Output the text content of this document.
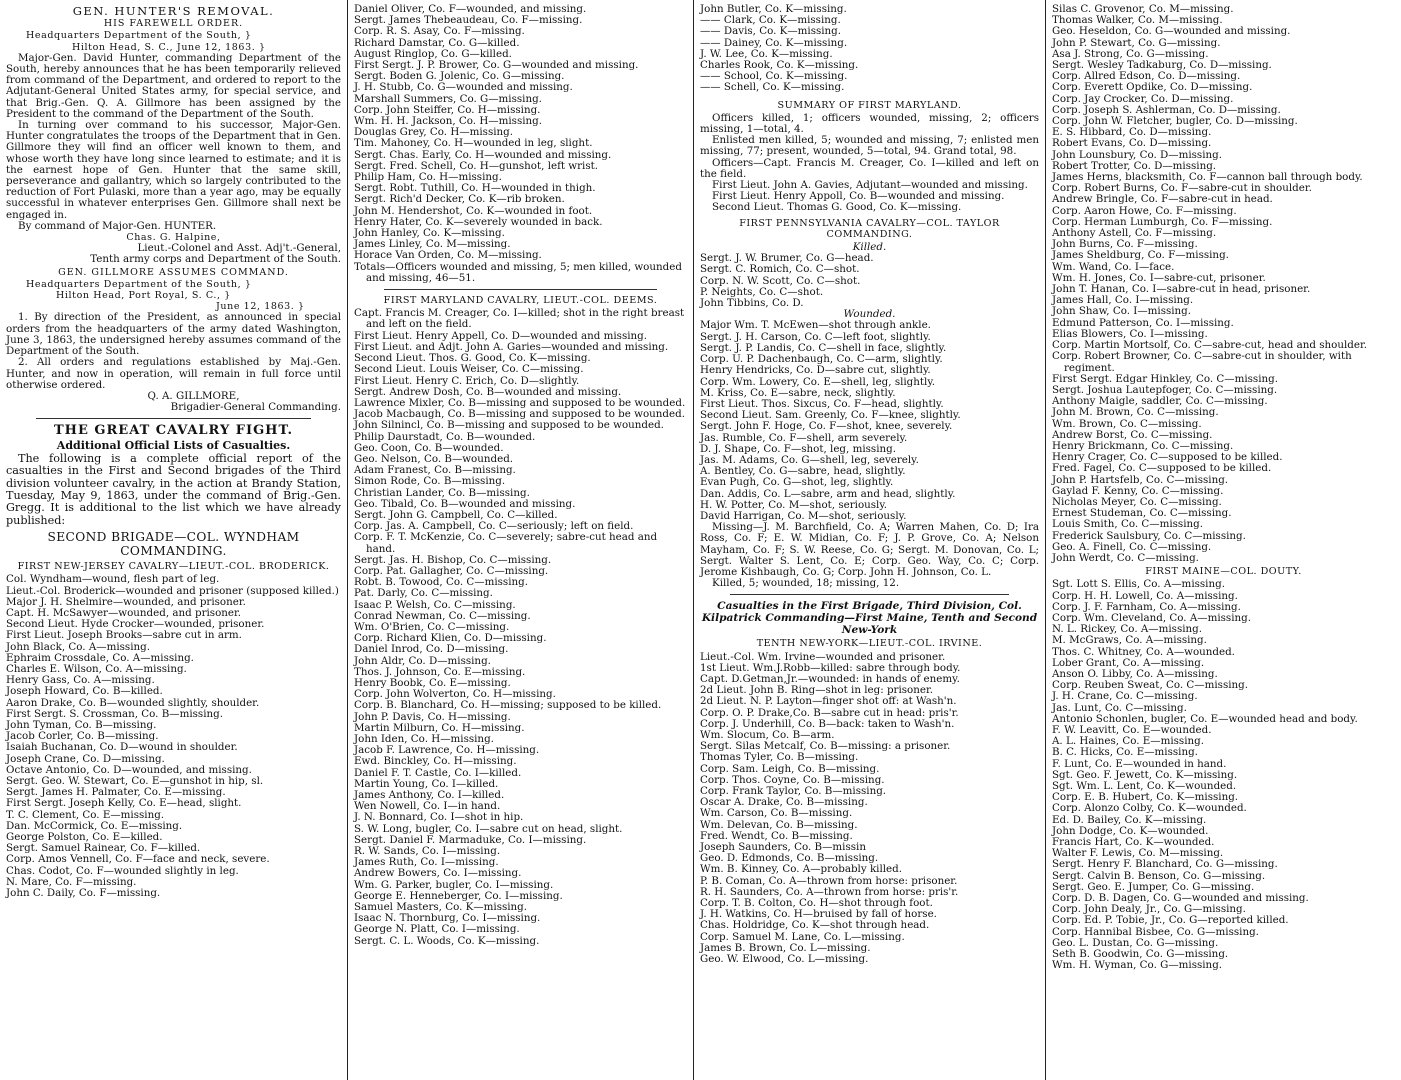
GEN. HUNTER'S REMOVAL.
HIS FAREWELL ORDER.
Headquarters Department of the South, }
Hilton Head, S. C., June 12, 1863. }

Major-Gen. David Hunter, commanding Department of the South, hereby announces that he has been temporarily relieved from command of the Department, and ordered to report to the Adjutant-General United States army, for special service, and that Brig.-Gen. Q. A. Gillmore has been assigned by the President to the command of the Department of the South.

In turning over command to his successor, Major-Gen. Hunter congratulates the troops of the Department that in Gen. Gillmore they will find an officer well known to them, and whose worth they have long since learned to estimate; and it is the earnest hope of Gen. Hunter that the same skill, perseverance and gallantry, which so largely contributed to the reduction of Fort Pulaski, more than a year ago, may be equally successful in whatever enterprises Gen. Gillmore shall next be engaged in.

By command of Major-Gen. HUNTER.

Chas. G. Halpine,
Lieut.-Colonel and Asst. Adj't.-General,
Tenth army corps and Department of the South.
GEN. GILLMORE ASSUMES COMMAND.
Headquarters Department of the South, }
Hilton Head, Port Royal, S. C., }
June 12, 1863. }

1. By direction of the President, as announced in special orders from the headquarters of the army dated Washington, June 3, 1863, the undersigned hereby assumes command of the Department of the South.

2. All orders and regulations established by Maj.-Gen. Hunter, and now in operation, will remain in full force until otherwise ordered.

Q. A. GILLMORE,
Brigadier-General Commanding.
THE GREAT CAVALRY FIGHT.
Additional Official Lists of Casualties.

The following is a complete official report of the casualties in the First and Second brigades of the Third division volunteer cavalry, in the action at Brandy Station, Tuesday, May 9, 1863, under the command of Brig.-Gen. Gregg. It is additional to the list which we have already published:

SECOND BRIGADE—COL. WYNDHAM COMMANDING.
FIRST NEW-JERSEY CAVALRY—LIEUT.-COL. BRODERICK.
Col. Wyndham—wound, flesh part of leg.
Lieut.-Col. Broderick—wounded and prisoner (supposed killed.)
Major J. H. Shelmire—wounded, and prisoner.
Capt. H. McSawyer—wounded, and prisoner.
Second Lieut. Hyde Crocker—wounded, prisoner.
First Lieut. Joseph Brooks—sabre cut in arm.
John Black, Co. A—missing.
Ephraim Crossdale, Co. A—missing.
Charles E. Wilson, Co. A—missing.
Henry Gass, Co. A—missing.
Joseph Howard, Co. B—killed.
Aaron Drake, Co. B—wounded slightly, shoulder.
First Sergt. S. Crossman, Co. B—missing.
John Tyman, Co. B—missing.
Jacob Corler, Co. B—missing.
Isaiah Buchanan, Co. D—wound in shoulder.
Joseph Crane, Co. D—missing.
Octave Antonio, Co. D—wounded, and missing.
Sergt. Geo. W. Stewart, Co. E—gunshot in hip, sl.
Sergt. James H. Palmater, Co. E—missing.
First Sergt. Joseph Kelly, Co. E—head, slight.
T. C. Clement, Co. E—missing.
Dan. McCormick, Co. E—missing.
George Polston, Co. E—killed.
Sergt. Samuel Rainear, Co. F—killed.
Corp. Amos Vennell, Co. F—face and neck, severe.
Chas. Codot, Co. F—wounded slightly in leg.
N. Mare, Co. F—missing.
John C. Daily, Co. F—missing.
Daniel Oliver, Co. F—wounded, and missing.
Sergt. James Thebeaudeau, Co. F—missing.
Corp. R. S. Asay, Co. F—missing.
Richard Damstar, Co. G—killed.
August Ringlop, Co. G—killed.
First Sergt. J. P. Brower, Co. G—wounded and missing.
Sergt. Boden G. Jolenic, Co. G—missing.
J. H. Stubb, Co. G—wounded and missing.
Marshall Summers, Co. G—missing.
Corp. John Steiffer, Co. H—missing.
Wm. H. H. Jackson, Co. H—missing.
Douglas Grey, Co. H—missing.
Tim. Mahoney, Co. H—wounded in leg, slight.
Sergt. Chas. Early, Co. H—wounded and missing.
Sergt. Fred. Schell, Co. H—gunshot, left wrist.
Philip Ham, Co. H—missing.
Sergt. Robt. Tuthill, Co. H—wounded in thigh.
Sergt. Rich'd Decker, Co. K—rib broken.
John M. Hendershot, Co. K—wounded in foot.
Henry Hater, Co. K—severely wounded in back.
John Hanley, Co. K—missing.
James Linley, Co. M—missing.
Horace Van Orden, Co. M—missing.
Totals—Officers wounded and missing, 5; men killed, wounded and missing, 46—51.
FIRST MARYLAND CAVALRY, LIEUT.-COL. DEEMS.
Capt. Francis M. Creager, Co. I—killed; shot in the right breast and left on the field.
First Lieut. Henry Appell, Co. D—wounded and missing.
First Lieut. and Adjt. John A. Garies—wounded and missing.
Second Lieut. Thos. G. Good, Co. K—missing.
Second Lieut. Louis Weiser, Co. C—missing.
First Lieut. Henry C. Erich, Co. D—slightly.
Sergt. Andrew Dosh, Co. B—wounded and missing.
Lawrence Mixler, Co. B—missing and supposed to be wounded.
Jacob Macbaugh, Co. B—missing and supposed to be wounded.
John Silnincl, Co. B—missing and supposed to be wounded.
Philip Daurstadt, Co. B—wounded.
Geo. Coon, Co. B—wounded.
Geo. Nelson, Co. B—wounded.
Adam Franest, Co. B—missing.
Simon Rode, Co. B—missing.
Christian Lander, Co. B—missing.
Geo. Tibald, Co. B—wounded and missing.
Sergt. John G. Campbell, Co. C—killed.
Corp. Jas. A. Campbell, Co. C—seriously; left on field.
Corp. F. T. McKenzie, Co. C—severely; sabre-cut head and hand.
Sergt. Jas. H. Bishop, Co. C—missing.
Corp. Pat. Gallagher, Co. C—missing.
Robt. B. Towood, Co. C—missing.
Pat. Darly, Co. C—missing.
Isaac P. Welsh, Co. C—missing.
Conrad Newman, Co. C—missing.
Wm. O'Brien, Co. C—missing.
Corp. Richard Klien, Co. D—missing.
Daniel Inrod, Co. D—missing.
John Aldr, Co. D—missing.
Thos. J. Johnson, Co. E—missing.
Henry Boobk, Co. E—missing.
Corp. John Wolverton, Co. H—missing.
Corp. B. Blanchard, Co. H—missing; supposed to be killed.
John P. Davis, Co. H—missing.
Martin Milburn, Co. H—missing.
John Iden, Co. H—missing.
Jacob F. Lawrence, Co. H—missing.
Ewd. Binckley, Co. H—missing.
Daniel F. T. Castle, Co. I—killed.
Martin Young, Co. I—killed.
James Anthony, Co. I—killed.
Wen Nowell, Co. I—in hand.
J. N. Bonnard, Co. I—shot in hip.
S. W. Long, bugler, Co. I—sabre cut on head, slight.
Sergt. Daniel F. Marmaduke, Co. I—missing.
R. W. Sands, Co. I—missing.
James Ruth, Co. I—missing.
Andrew Bowers, Co. I—missing.
Wm. G. Parker, bugler, Co. I—missing.
George E. Henneberger, Co. I—missing.
Samuel Masters, Co. K—missing.
Isaac N. Thornburg, Co. I—missing.
George N. Platt, Co. I—missing.
Sergt. C. L. Woods, Co. K—missing.
John Butler, Co. K—missing.
—— Clark, Co. K—missing.
—— Davis, Co. K—missing.
—— Dainey, Co. K—missing.
J. W. Lee, Co. K—missing.
Charles Rook, Co. K—missing.
—— School, Co. K—missing.
—— Schell, Co. K—missing.
SUMMARY OF FIRST MARYLAND.
Officers killed, 1; officers wounded, missing, 2; officers missing, 1—total, 4.
Enlisted men killed, 5; wounded and missing, 7; enlisted men missing, 77; present, wounded, 5—total, 94. Grand total, 98.
Officers—Capt. Francis M. Creager, Co. I—killed and left on the field.
First Lieut. John A. Gavies, Adjutant—wounded and missing.
First Lieut. Henry Appoll, Co. B—wounded and missing.
Second Lieut. Thomas G. Good, Co. K—missing.
FIRST PENNSYLVANIA CAVALRY—COL. TAYLOR COMMANDING.
Killed.
Sergt. J. W. Brumer, Co. G—head.
Sergt. C. Romich, Co. C—shot.
Corp. N. W. Scott, Co. C—shot.
P. Neights, Co. C—shot.
John Tibbins, Co. D.
Wounded.
Major Wm. T. McEwen—shot through ankle.
Sergt. J. H. Carson, Co. C—left foot, slightly.
Sergt. J. P. Landis, Co. C—shell in face, slightly.
Corp. U. P. Dachenbaugh, Co. C—arm, slightly.
Henry Hendricks, Co. D—sabre cut, slightly.
Corp. Wm. Lowery, Co. E—shell, leg, slightly.
M. Kriss, Co. E—sabre, neck, slightly.
First Lieut. Thos. Sixcus, Co. F—head, slightly.
Second Lieut. Sam. Greenly, Co. F—knee, slightly.
Sergt. John F. Hoge, Co. F—shot, knee, severely.
Jas. Rumble, Co. F—shell, arm severely.
D. J. Shape, Co. F—shot, leg, missing.
Jas. M. Adams, Co. G—shell, leg, severely.
A. Bentley, Co. G—sabre, head, slightly.
Evan Pugh, Co. G—shot, leg, slightly.
Dan. Addis, Co. L—sabre, arm and head, slightly.
H. W. Potter, Co. M—shot, seriously.
David Harrigan, Co. M—shot, seriously.

Missing—J. M. Barchfield, Co. A; Warren Mahen, Co. D; Ira Ross, Co. F; E. W. Midian, Co. F; J. P. Grove, Co. A; Nelson Mayham, Co. F; S. W. Reese, Co. G; Sergt. M. Donovan, Co. L; Sergt. Walter S. Lent, Co. E; Corp. Geo. Way, Co. C; Corp. Jerome Kishbaugh, Co. G; Corp. John H. Johnson, Co. L.

Killed, 5; wounded, 18; missing, 12.

Casualties in the First Brigade, Third Division, Col. Kilpatrick Commanding—First Maine, Tenth and Second New-York
TENTH NEW-YORK—LIEUT.-COL. IRVINE.
Lieut.-Col. Wm. Irvine—wounded and prisoner.
1st Lieut. Wm.J.Robb—killed: sabre through body.
Capt. D.Getman,Jr.—wounded: in hands of enemy.
2d Lieut. John B. Ring—shot in leg: prisoner.
2d Lieut. N. P. Layton—finger shot off: at Wash'n.
Corp. O. P. Drake,Co. B—sabre cut in head: pris'r.
Corp. J. Underhill, Co. B—back: taken to Wash'n.
Wm. Slocum, Co. B—arm.
Sergt. Silas Metcalf, Co. B—missing: a prisoner.
Thomas Tyler, Co. B—missing.
Corp. Sam. Leigh, Co. B—missing.
Corp. Thos. Coyne, Co. B—missing.
Corp. Frank Taylor, Co. B—missing.
Oscar A. Drake, Co. B—missing.
Wm. Carson, Co. B—missing.
Wm. Delevan, Co. B—missing.
Fred. Wendt, Co. B—missing.
Joseph Saunders, Co. B—missin
Geo. D. Edmonds, Co. B—missing.
Wm. B. Kinney, Co. A—probably killed.
P. B. Coman, Co. A—thrown from horse: prisoner.
R. H. Saunders, Co. A—thrown from horse: pris'r.
Corp. T. B. Colton, Co. H—shot through foot.
J. H. Watkins, Co. H—bruised by fall of horse.
Chas. Holdridge, Co. K—shot through head.
Corp. Samuel M. Lane, Co. L—missing.
James B. Brown, Co. L—missing.
Geo. W. Elwood, Co. L—missing.
Silas C. Grovenor, Co. M—missing.
Thomas Walker, Co. M—missing.
Geo. Heseldon, Co. G—wounded and missing.
John P. Stewart, Co. G—missing.
Asa J. Strong, Co. G—missing.
Sergt. Wesley Tadkaburg, Co. D—missing.
Corp. Allred Edson, Co. D—missing.
Corp. Everett Opdike, Co. D—missing.
Corp. Jay Crocker, Co. D—missing.
Corp. Joseph S. Ashlerman, Co. D—missing.
Corp. John W. Fletcher, bugler, Co. D—missing.
E. S. Hibbard, Co. D—missing.
Robert Evans, Co. D—missing.
John Lounsbury, Co. D—missing.
Robert Trotter, Co. D—missing.
James Herns, blacksmith, Co. F—cannon ball through body.
Corp. Robert Burns, Co. F—sabre-cut in shoulder.
Andrew Bringle, Co. F—sabre-cut in head.
Corp. Aaron Howe, Co. F—missing.
Corp. Herman Lumburgh, Co. F—missing.
Anthony Astell, Co. F—missing.
John Burns, Co. F—missing.
James Sheldburg, Co. F—missing.
Wm. Wand, Co. I—face.
Wm. H. Jones, Co. I—sabre-cut, prisoner.
John T. Hanan, Co. I—sabre-cut in head, prisoner.
James Hall, Co. I—missing.
John Shaw, Co. I—missing.
Edmund Patterson, Co. I—missing.
Elias Blowers, Co. I—missing.
Corp. Martin Mortsolf, Co. C—sabre-cut, head and shoulder.
Corp. Robert Browner, Co. C—sabre-cut in shoulder, with regiment.
First Sergt. Edgar Hinkley, Co. C—missing.
Sergt. Joshua Lautepfoger, Co. C—missing.
Anthony Maigle, saddler, Co. C—missing.
John M. Brown, Co. C—missing.
Wm. Brown, Co. C—missing.
Andrew Borst, Co. C—missing.
Henry Brickmann, Co. C—missing.
Henry Crager, Co. C—supposed to be killed.
Fred. Fagel, Co. C—supposed to be killed.
John P. Hartsfelb, Co. C—missing.
Gaylad F. Kenny, Co. C—missing.
Nicholas Meyer, Co. C—missing.
Ernest Studeman, Co. C—missing.
Louis Smith, Co. C—missing.
Frederick Saulsbury, Co. C—missing.
Geo. A. Finell, Co. C—missing.
John Werdt, Co. C—missing.
FIRST MAINE—COL. DOUTY.
Sgt. Lott S. Ellis, Co. A—missing.
Corp. H. H. Lowell, Co. A—missing.
Corp. J. F. Farnham, Co. A—missing.
Corp. Wm. Cleveland, Co. A—missing.
N. L. Rickey, Co. A—missing.
M. McGraws, Co. A—missing.
Thos. C. Whitney, Co. A—wounded.
Lober Grant, Co. A—missing.
Anson O. Libby, Co. A—missing.
Corp. Reuben Sweat, Co. C—missing.
J. H. Crane, Co. C—missing.
Jas. Lunt, Co. C—missing.
Antonio Schonlen, bugler, Co. E—wounded head and body.
F. W. Leavitt, Co. E—wounded.
A. L. Haines, Co. E—missing.
B. C. Hicks, Co. E—missing.
F. Lunt, Co. E—wounded in hand.
Sgt. Geo. F. Jewett, Co. K—missing.
Sgt. Wm. L. Lent, Co. K—wounded.
Corp. E. B. Hubert, Co. K—missing.
Corp. Alonzo Colby, Co. K—wounded.
Ed. D. Bailey, Co. K—missing.
John Dodge, Co. K—wounded.
Francis Hart, Co. K—wounded.
Walter F. Lewis, Co. M—missing.
Sergt. Henry F. Blanchard, Co. G—missing.
Sergt. Calvin B. Benson, Co. G—missing.
Sergt. Geo. E. Jumper, Co. G—missing.
Corp. D. B. Dagen, Co. G—wounded and missing.
Corp. John Dealy, Jr., Co. G—missing.
Corp. Ed. P. Tobie, Jr., Co. G—reported killed.
Corp. Hannibal Bisbee, Co. G—missing.
Geo. L. Dustan, Co. G—missing.
Seth B. Goodwin, Co. G—missing.
Wm. H. Wyman, Co. G—missing.
